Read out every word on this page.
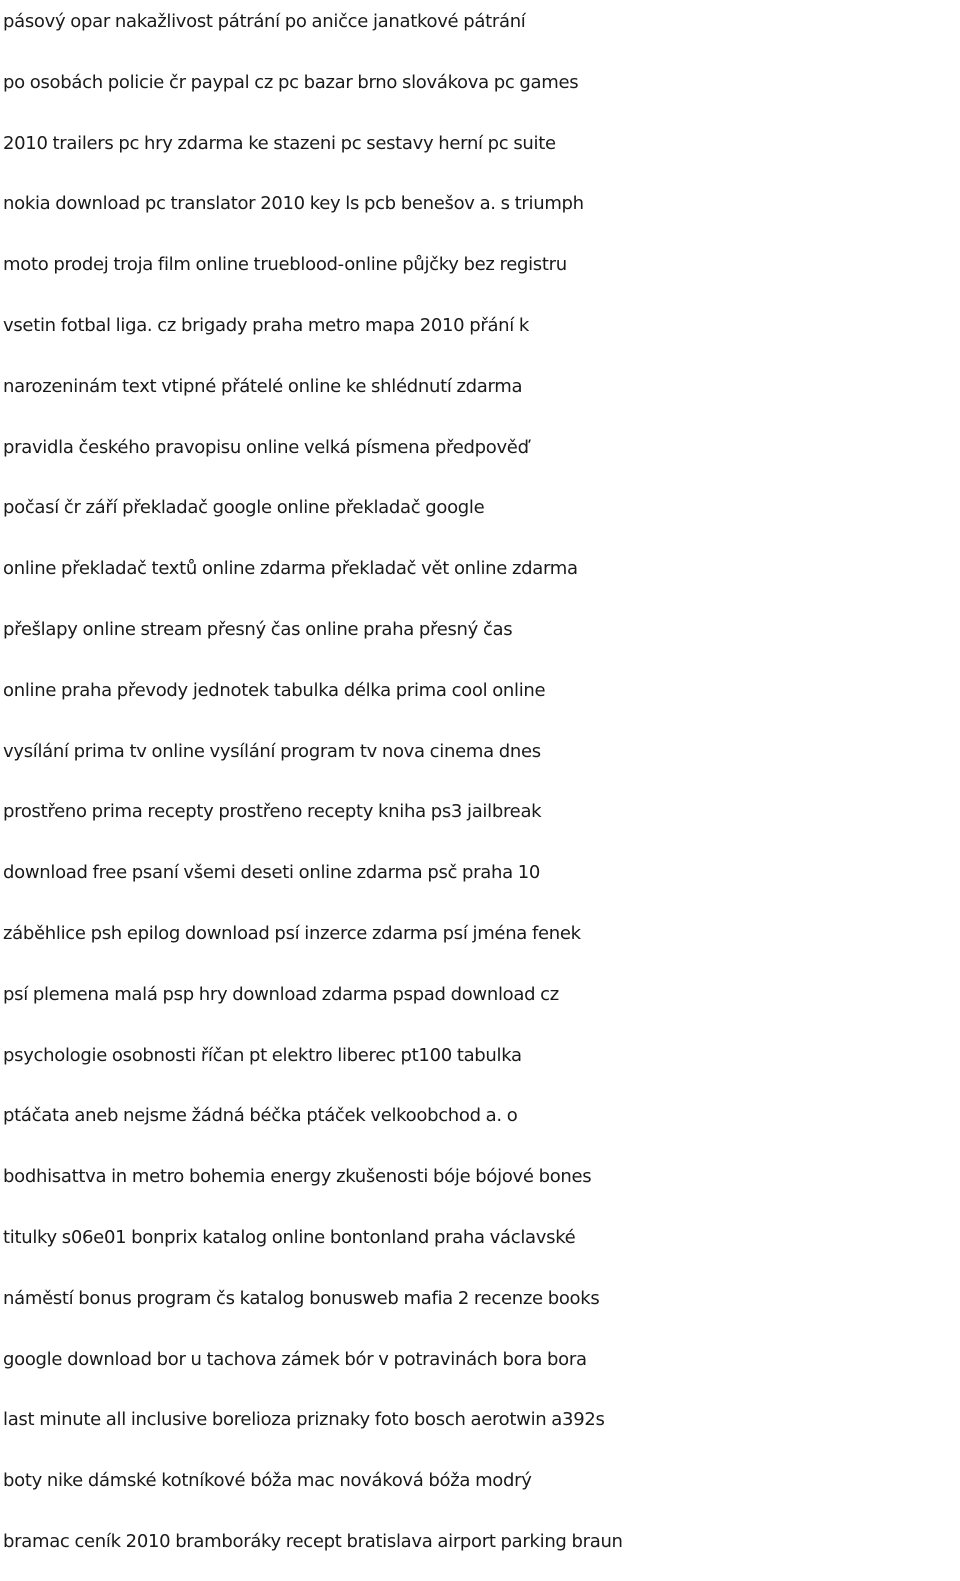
pásový opar nakažlivost pátrání po aničce janatkové pátrání
po osobách policie čr paypal cz pc bazar brno slovákova pc games
2010 trailers pc hry zdarma ke stazeni pc sestavy herní pc suite
nokia download pc translator 2010 key ls pcb benešov a. s triumph
moto prodej troja film online trueblood-online půjčky bez registru
vsetin fotbal liga. cz brigady praha metro mapa 2010 přání k
narozeninám text vtipné přátelé online ke shlédnutí zdarma
pravidla českého pravopisu online velká písmena předpověď
počasí čr září překladač google online překladač google
online překladač textů online zdarma překladač vět online zdarma
přešlapy online stream přesný čas online praha přesný čas
online praha převody jednotek tabulka délka prima cool online
vysílání prima tv online vysílání program tv nova cinema dnes
prostřeno prima recepty prostřeno recepty kniha ps3 jailbreak
download free psaní všemi deseti online zdarma psč praha 10
záběhlice psh epilog download psí inzerce zdarma psí jména fenek
psí plemena malá psp hry download zdarma pspad download cz
psychologie osobnosti říčan pt elektro liberec pt100 tabulka
ptáčata aneb nejsme žádná béčka ptáček velkoobchod a. o
bodhisattva in metro bohemia energy zkušenosti bóje bójové bones
titulky s06e01 bonprix katalog online bontonland praha václavské
náměstí bonus program čs katalog bonusweb mafia 2 recenze books
google download bor u tachova zámek bór v potravinách bora bora
last minute all inclusive borelioza priznaky foto bosch aerotwin a392s
boty nike dámské kotníkové bóža mac nováková bóža modrý
bramac ceník 2010 bramboráky recept bratislava airport parking braun
